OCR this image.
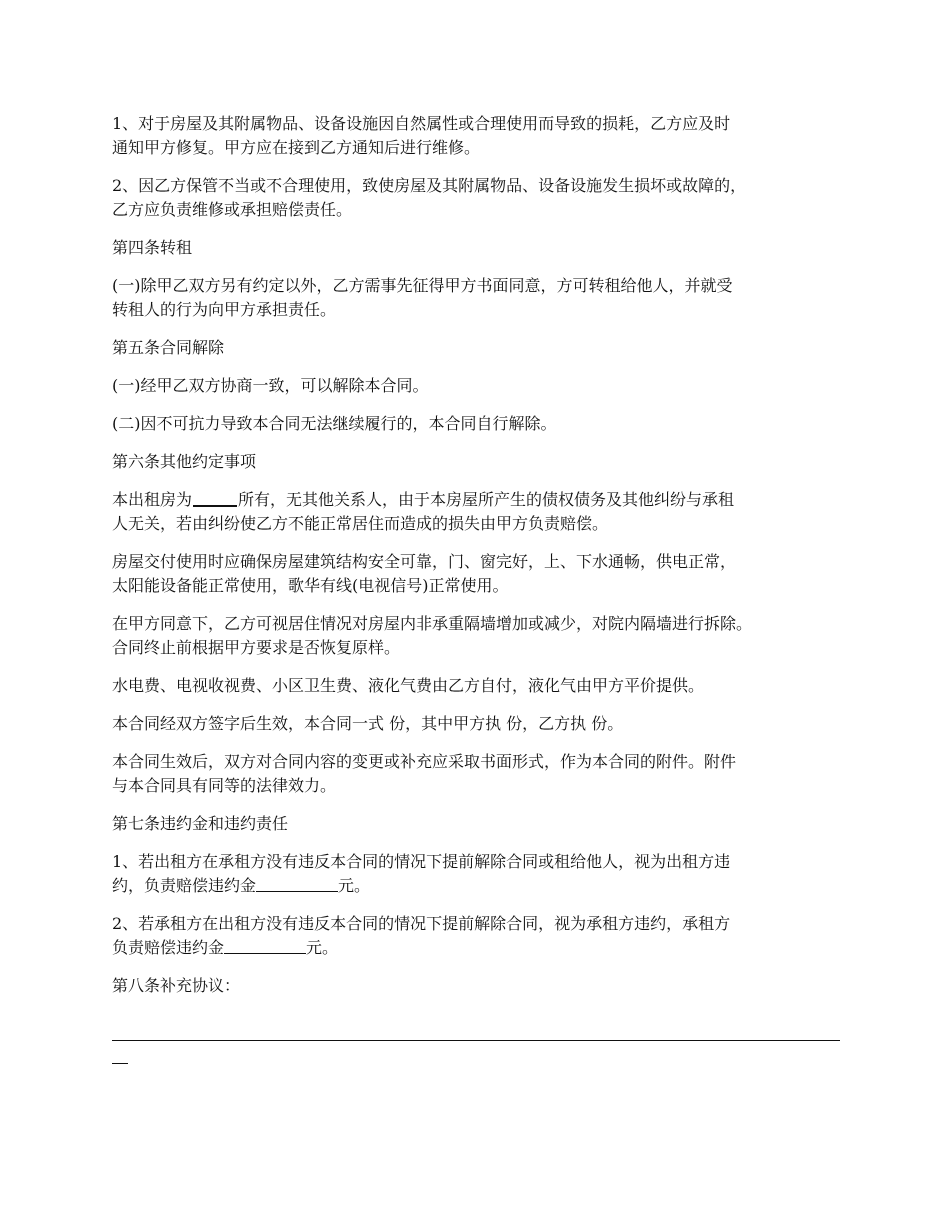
1、对于房屋及其附属物品、设备设施因自然属性或合理使用而导致的损耗，乙方应及时
通知甲方修复。甲方应在接到乙方通知后进行维修。

2、因乙方保管不当或不合理使用，致使房屋及其附属物品、设备设施发生损坏或故障的，
乙方应负责维修或承担赔偿责任。

第四条转租

(一)除甲乙双方另有约定以外，乙方需事先征得甲方书面同意，方可转租给他人，并就受
转租人的行为向甲方承担责任。

第五条合同解除

(一)经甲乙双方协商一致，可以解除本合同。

(二)因不可抗力导致本合同无法继续履行的，本合同自行解除。

第六条其他约定事项

本出租房为	所有，无其他关系人，由于本房屋所产生的债权债务及其他纠纷与承租
人无关，若由纠纷使乙方不能正常居住而造成的损失由甲方负责赔偿。

房屋交付使用时应确保房屋建筑结构安全可靠，门、窗完好，上、下水通畅，供电正常，
太阳能设备能正常使用，歌华有线(电视信号)正常使用。

在甲方同意下，乙方可视居住情况对房屋内非承重隔墙增加或减少，对院内隔墙进行拆除。
合同终止前根据甲方要求是否恢复原样。

水电费、电视收视费、小区卫生费、液化气费由乙方自付，液化气由甲方平价提供。

本合同经双方签字后生效，本合同一式 份，其中甲方执 份，乙方执 份。

本合同生效后，双方对合同内容的变更或补充应采取书面形式，作为本合同的附件。附件
与本合同具有同等的法律效力。

第七条违约金和违约责任

1、若出租方在承租方没有违反本合同的情况下提前解除合同或租给他人，视为出租方违
约，负责赔偿违约金	元。

2、若承租方在出租方没有违反本合同的情况下提前解除合同，视为承租方违约，承租方
负责赔偿违约金	元。

第八条补充协议：
